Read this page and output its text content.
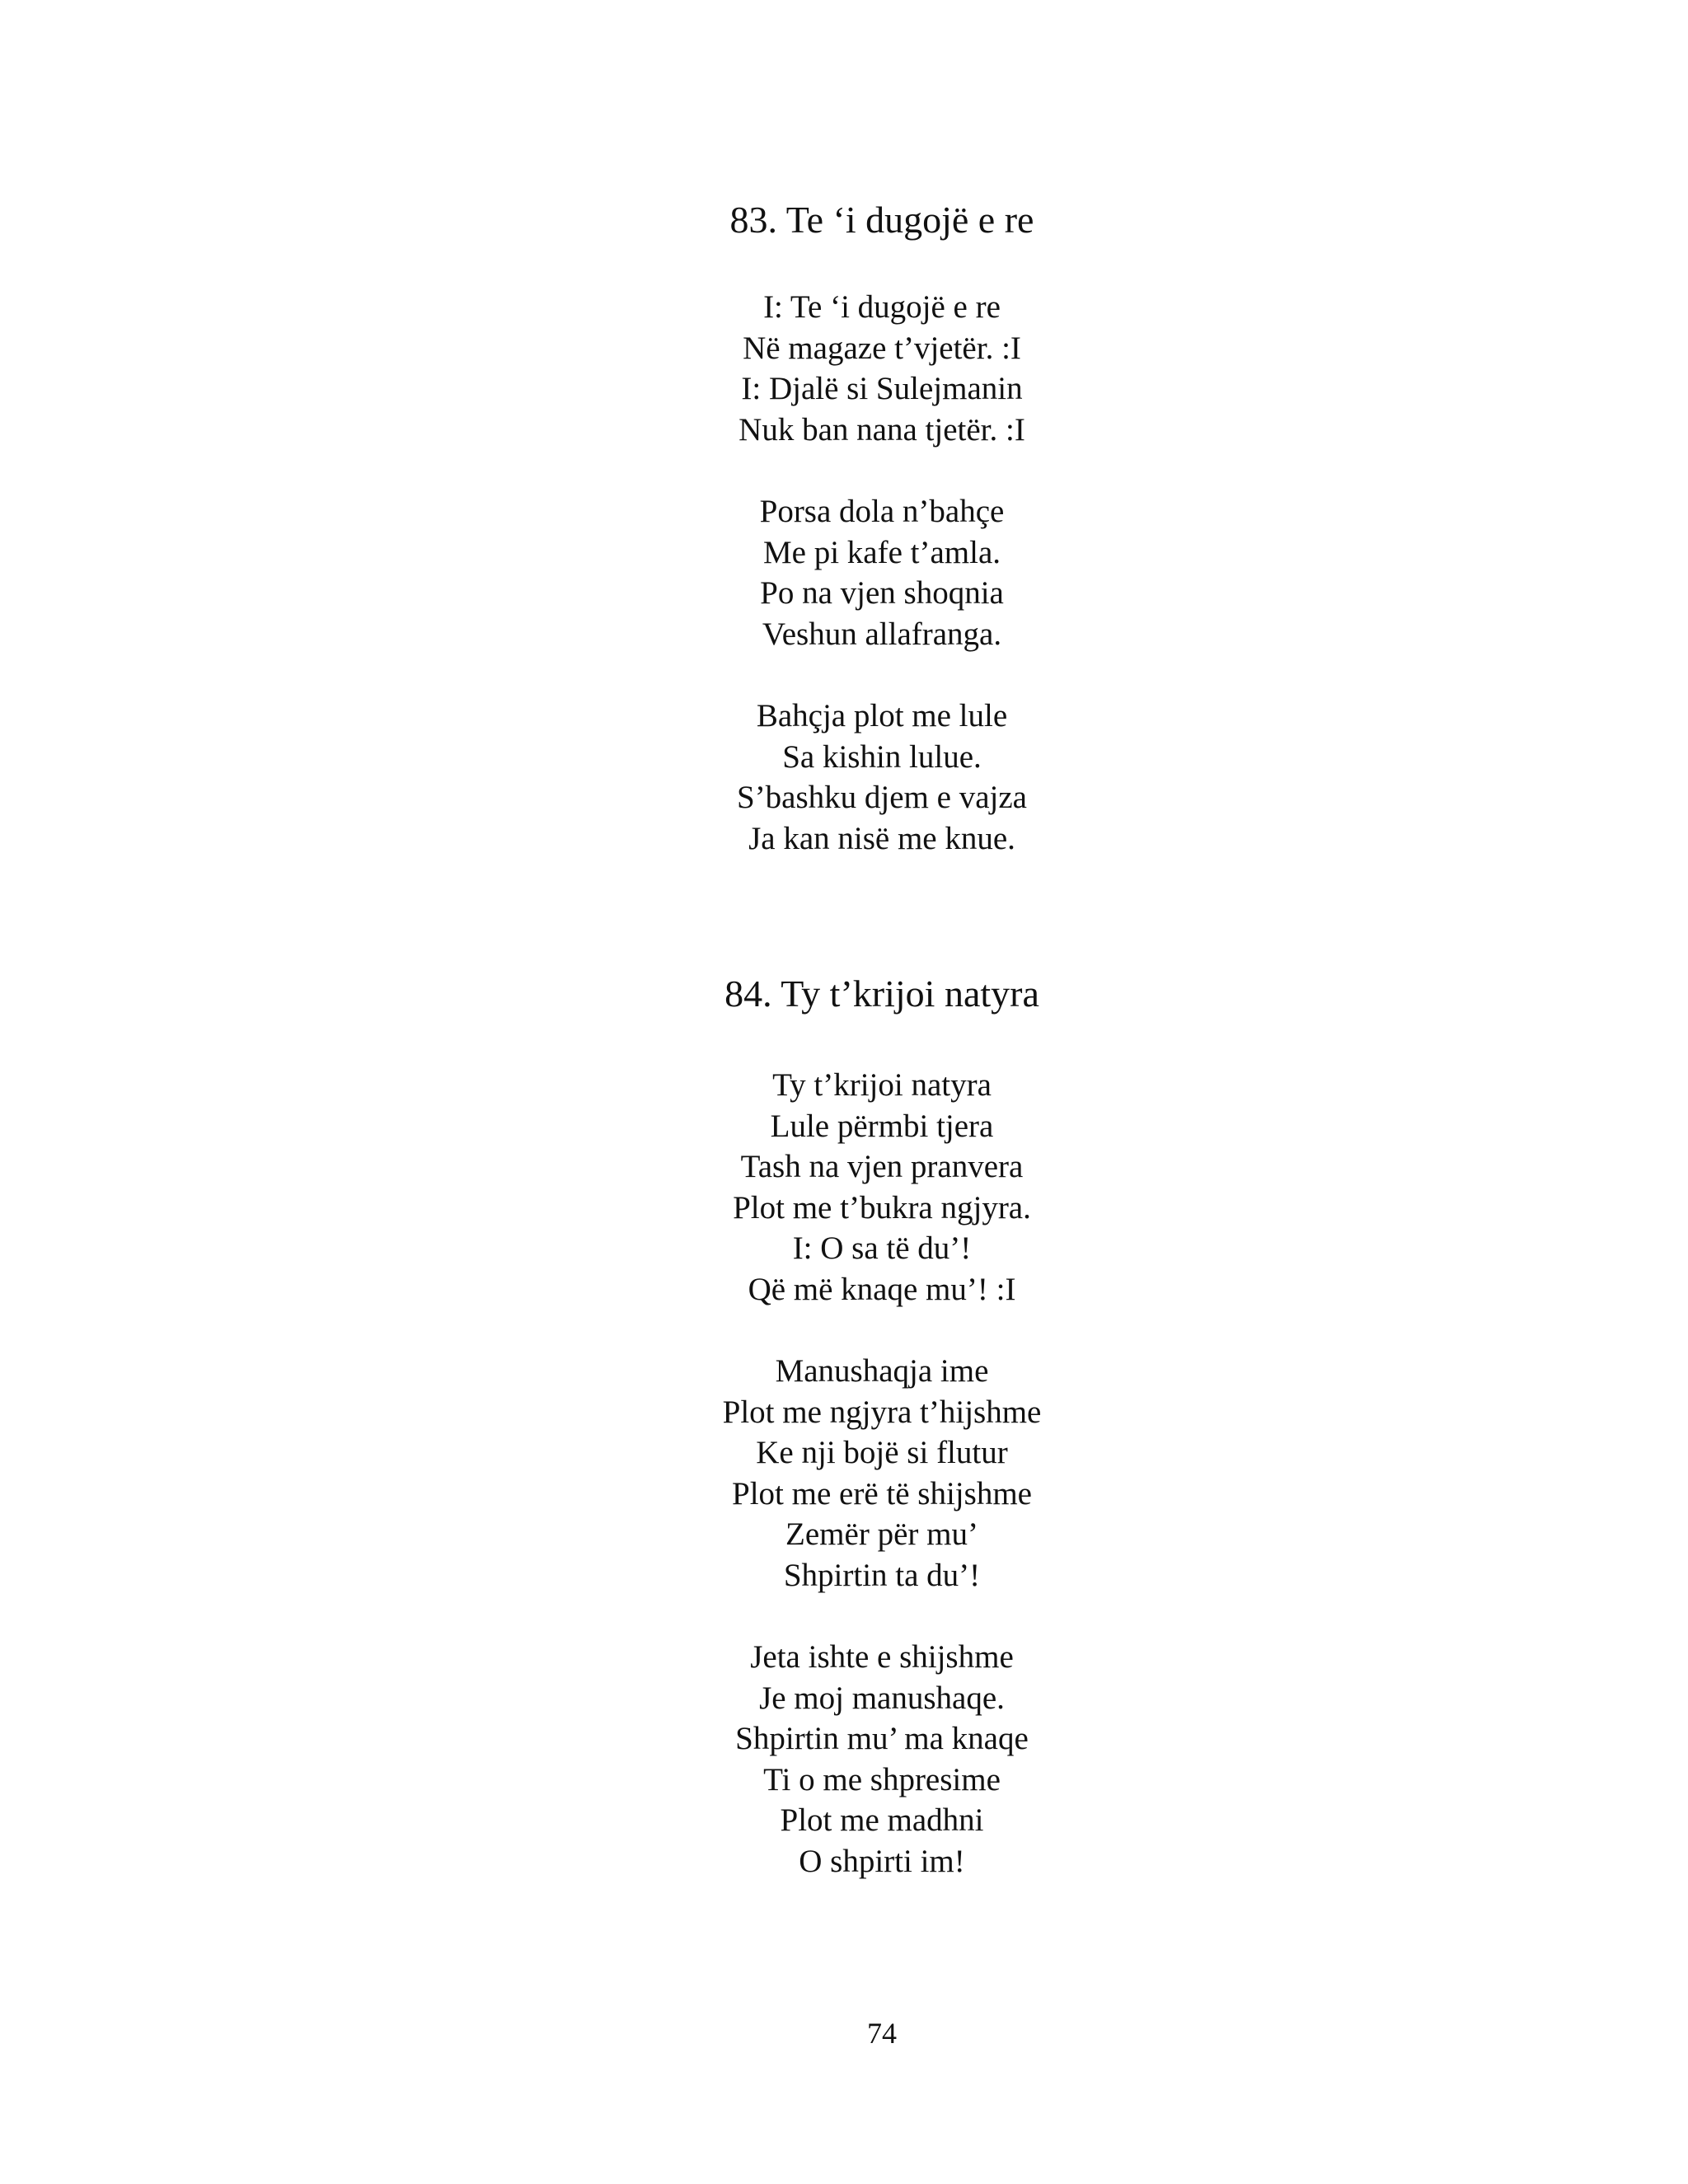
83. Te ‘i dugojë e re
I: Te ‘i dugojë e re
Në magaze t’vjetër. :I
I: Djalë si Sulejmanin
Nuk ban nana tjetër. :I
Porsa dola n’bahçe
Me pi kafe t’amla.
Po na vjen shoqnia
Veshun allafranga.
Bahçja plot me lule
Sa kishin lulue.
S’bashku djem e vajza
Ja kan nisë me knue.
84. Ty t’krijoi natyra
Ty t’krijoi natyra
Lule përmbi tjera
Tash na vjen pranvera
Plot me t’bukra ngjyra.
I: O sa të du’!
Që më knaqe mu’! :I
Manushaqja ime
Plot me ngjyra t’hijshme
Ke nji bojë si flutur
Plot me erë të shijshme
Zemër për mu’
Shpirtin ta du’!
Jeta ishte e shijshme
Je moj manushaqe.
Shpirtin mu’ ma knaqe
Ti o me shpresime
Plot me madhni
O shpirti im!
74
